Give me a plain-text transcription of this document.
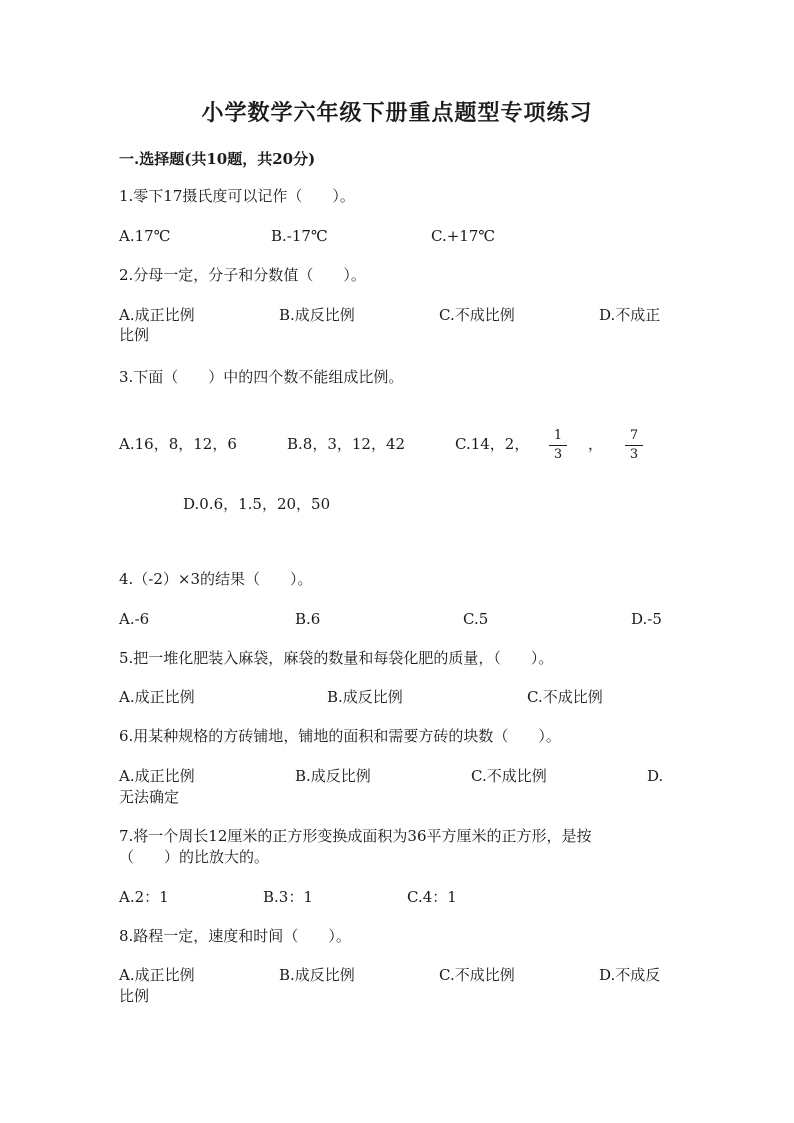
小学数学六年级下册重点题型专项练习
一.选择题(共10题，共20分)
1.零下17摄氏度可以记作（　　）。
A.17℃	B.-17℃	C.+17℃
2.分母一定，分子和分数值（　　）。
A.成正比例	B.成反比例	C.不成比例	D.不成正
比例
3.下面（　　）中的四个数不能组成比例。
A.16，8，12，6	B.8，3，12，42	C.14，2，	1
3
，	7
3
D.0.6，1.5，20，50
4.（-2）×3的结果（　　）。
A.-6	B.6	C.5	D.-5
5.把一堆化肥装入麻袋，麻袋的数量和每袋化肥的质量，（　　）。
A.成正比例	B.成反比例	C.不成比例
6.用某种规格的方砖铺地，铺地的面积和需要方砖的块数（　　）。
A.成正比例	B.成反比例	C.不成比例	D.
无法确定
7.将一个周长12厘米的正方形变换成面积为36平方厘米的正方形，是按
（　　）的比放大的。
A.2：1	B.3：1	C.4：1
8.路程一定，速度和时间（　　）。
A.成正比例	B.成反比例	C.不成比例	D.不成反
比例
